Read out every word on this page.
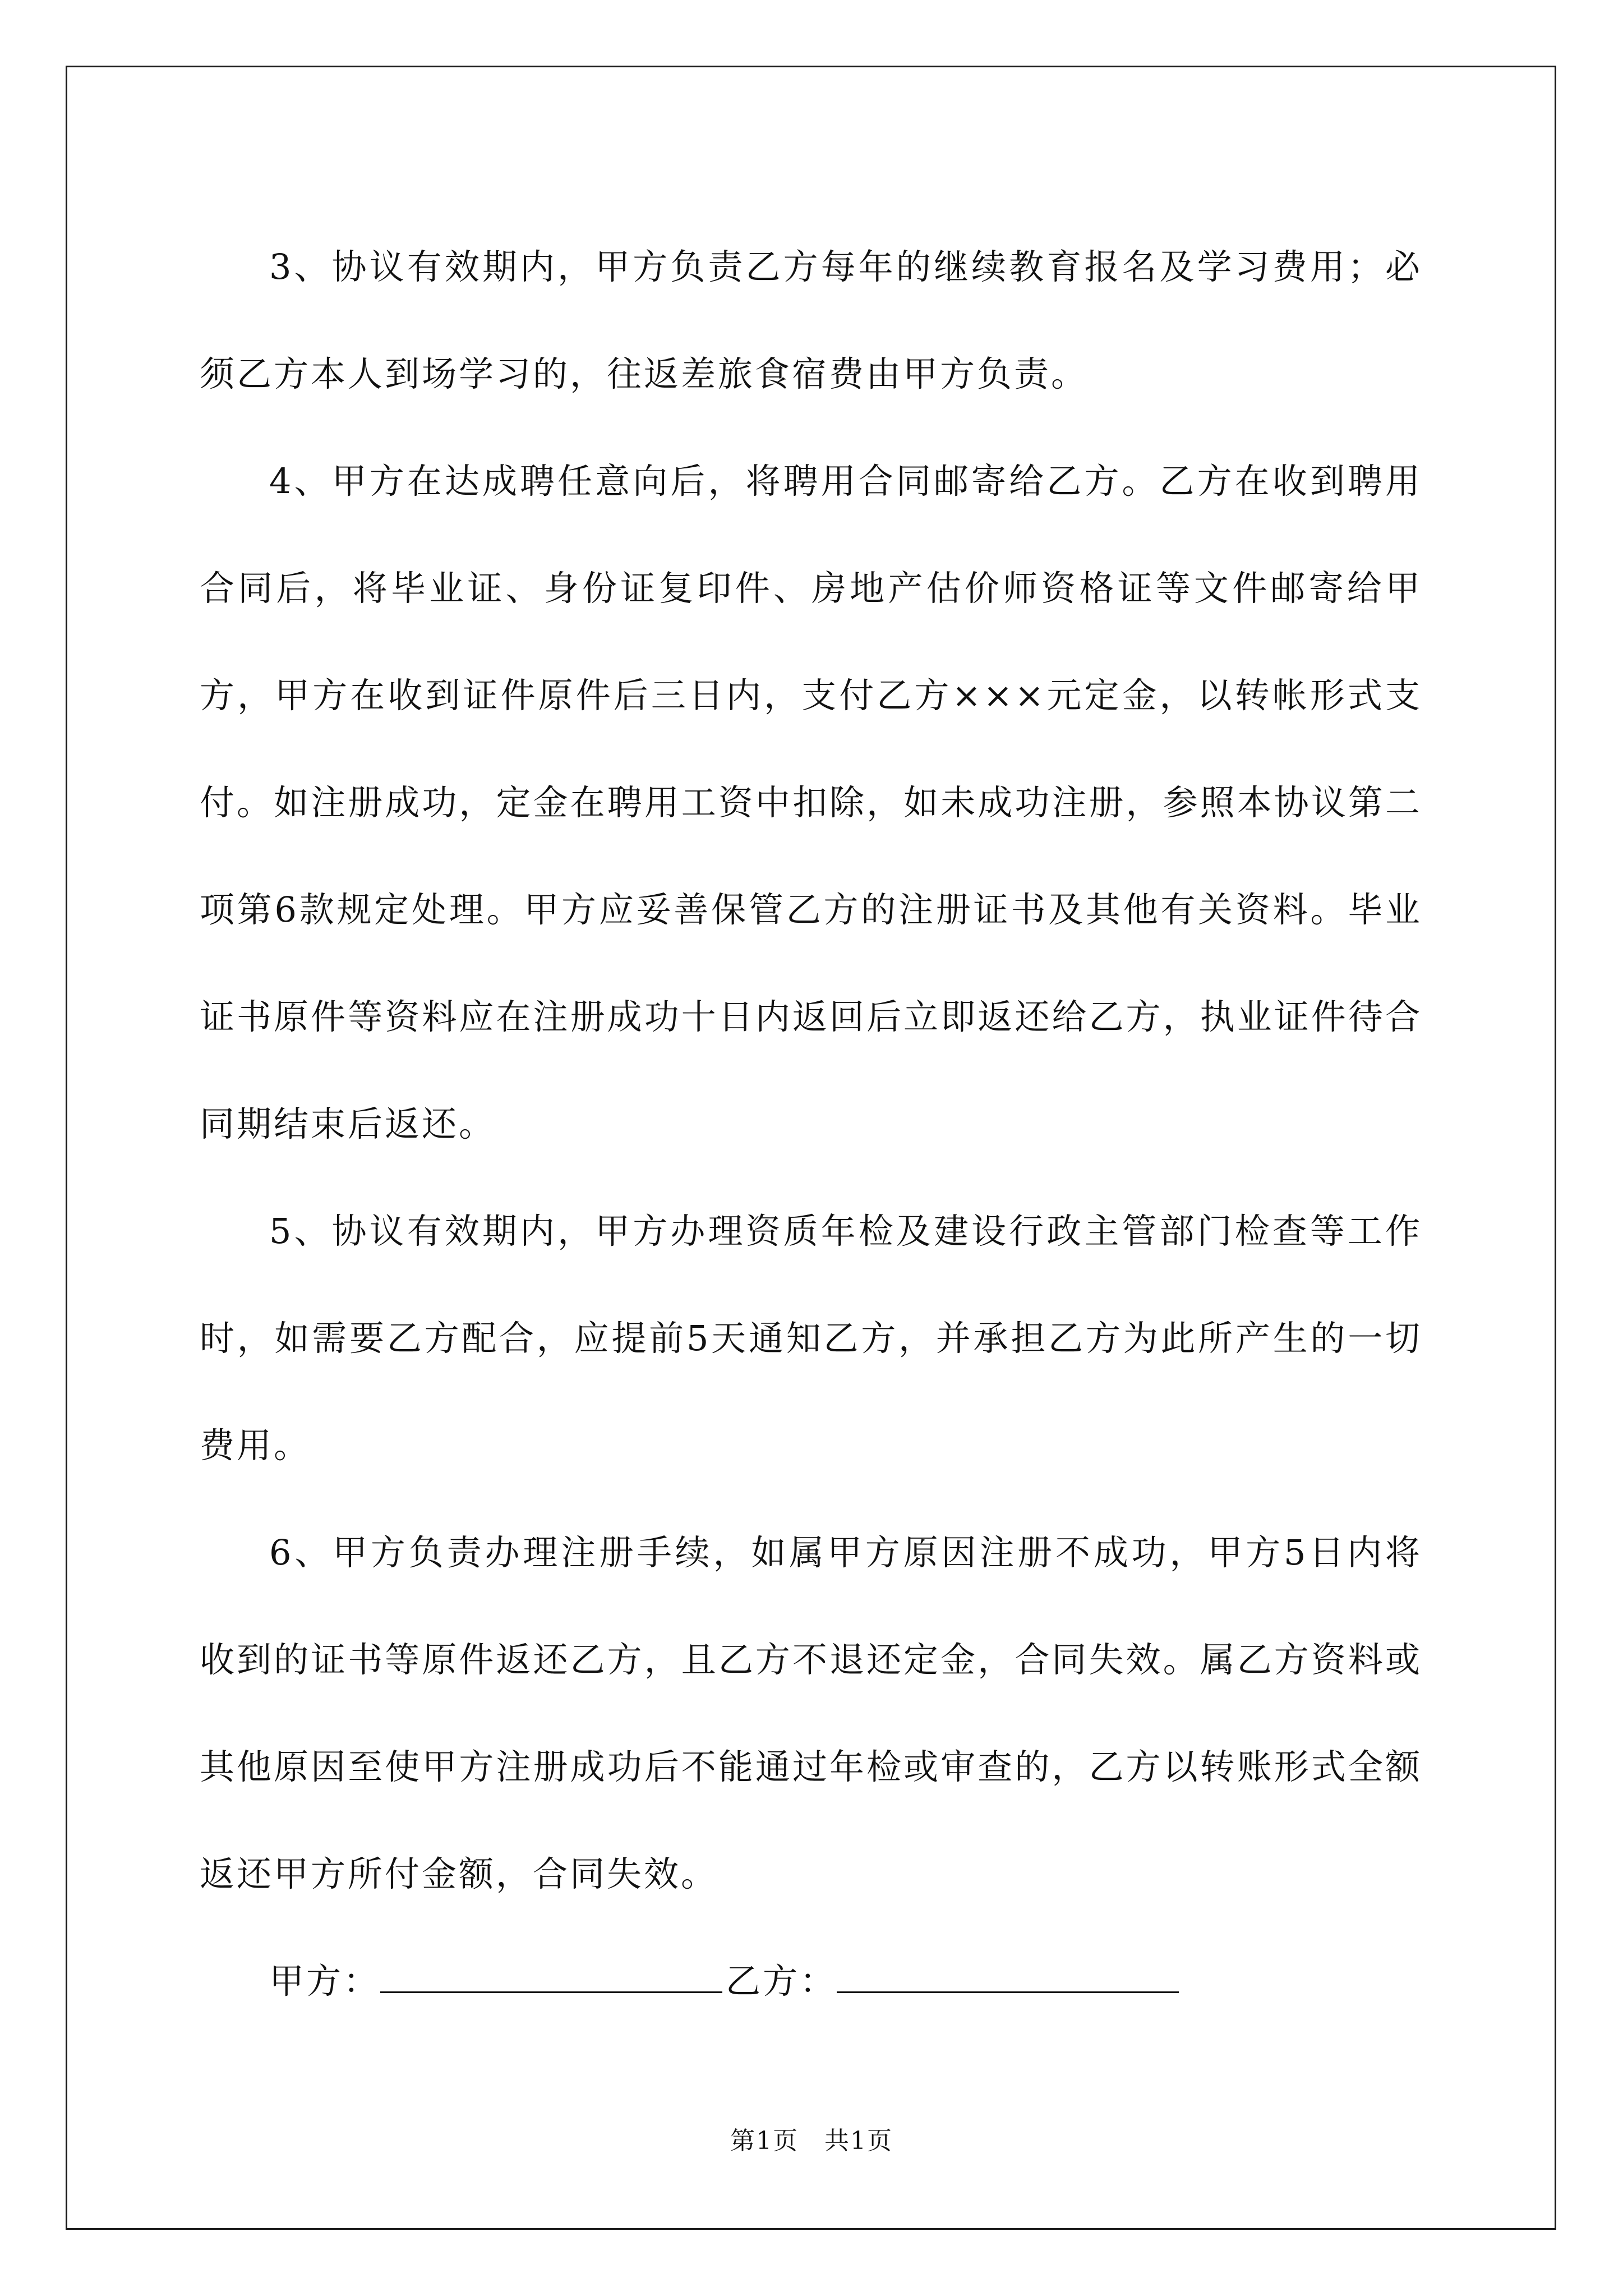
3、协议有效期内，甲方负责乙方每年的继续教育报名及学习费用；必须乙方本人到场学习的，往返差旅食宿费由甲方负责。

4、甲方在达成聘任意向后，将聘用合同邮寄给乙方。乙方在收到聘用合同后，将毕业证、身份证复印件、房地产估价师资格证等文件邮寄给甲方，甲方在收到证件原件后三日内，支付乙方×××元定金，以转帐形式支付。如注册成功，定金在聘用工资中扣除，如未成功注册，参照本协议第二项第6款规定处理。甲方应妥善保管乙方的注册证书及其他有关资料。毕业证书原件等资料应在注册成功十日内返回后立即返还给乙方，执业证件待合同期结束后返还。

5、协议有效期内，甲方办理资质年检及建设行政主管部门检查等工作时，如需要乙方配合，应提前5天通知乙方，并承担乙方为此所产生的一切费用。

6、甲方负责办理注册手续，如属甲方原因注册不成功，甲方5日内将收到的证书等原件返还乙方，且乙方不退还定金，合同失效。属乙方资料或其他原因至使甲方注册成功后不能通过年检或审查的，乙方以转账形式全额返还甲方所付金额，合同失效。

甲方：	乙方：

第1页　共1页
